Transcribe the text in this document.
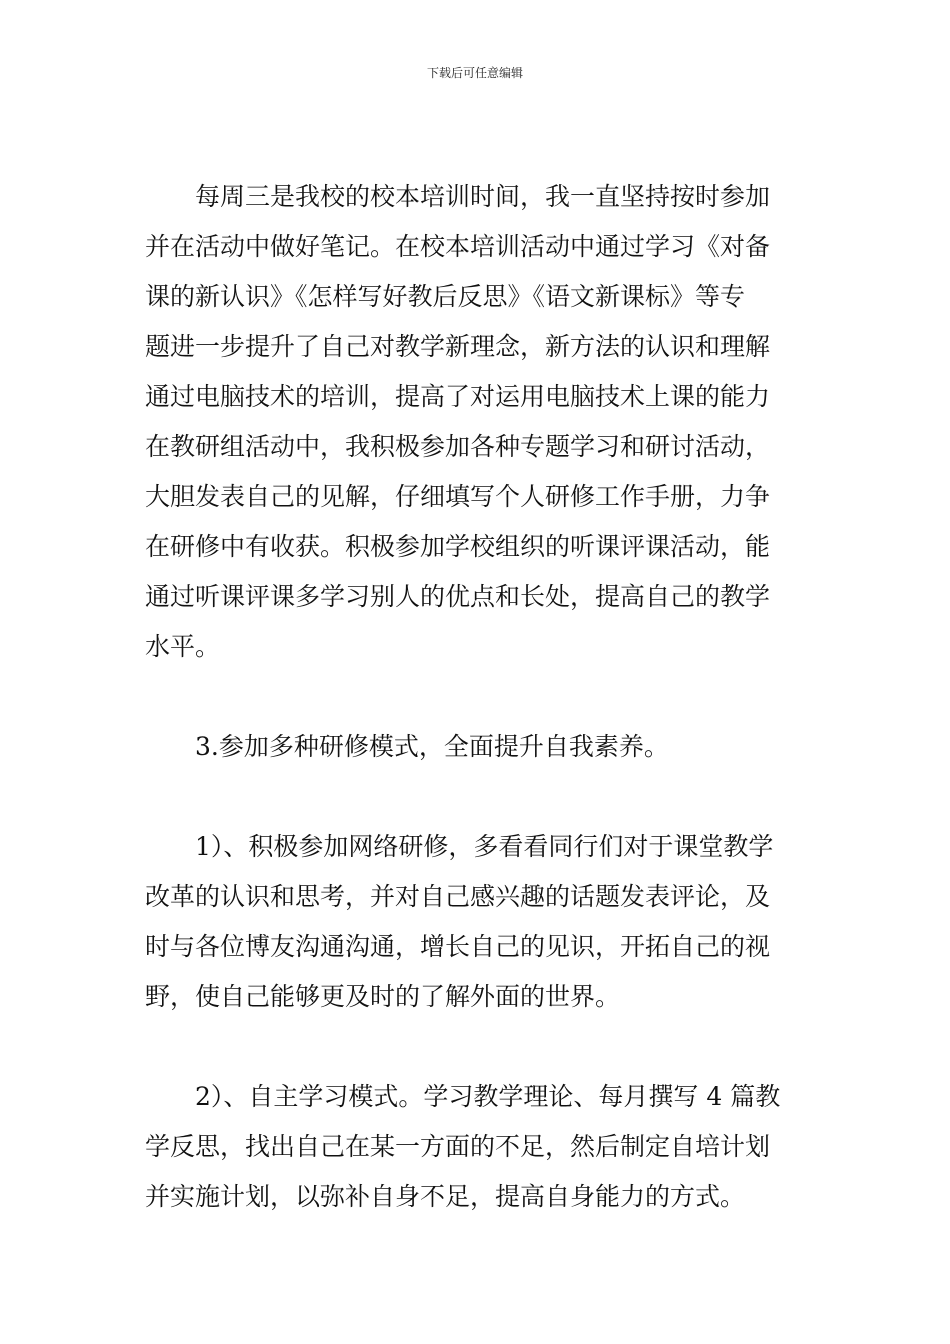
下载后可任意编辑
每周三是我校的校本培训时间，我一直坚持按时参加
并在活动中做好笔记。在校本培训活动中通过学习《对备
课的新认识》《怎样写好教后反思》《语文新课标》等专
题进一步提升了自己对教学新理念，新方法的认识和理解
通过电脑技术的培训，提高了对运用电脑技术上课的能力
在教研组活动中，我积极参加各种专题学习和研讨活动，
大胆发表自己的见解，仔细填写个人研修工作手册，力争
在研修中有收获。积极参加学校组织的听课评课活动，能
通过听课评课多学习别人的优点和长处，提高自己的教学
水平。
3.参加多种研修模式，全面提升自我素养。
1）、积极参加网络研修，多看看同行们对于课堂教学
改革的认识和思考，并对自己感兴趣的话题发表评论，及
时与各位博友沟通沟通，增长自己的见识，开拓自己的视
野，使自己能够更及时的了解外面的世界。
2）、自主学习模式。学习教学理论、每月撰写 4 篇教
学反思，找出自己在某一方面的不足，然后制定自培计划
并实施计划，以弥补自身不足，提高自身能力的方式。
